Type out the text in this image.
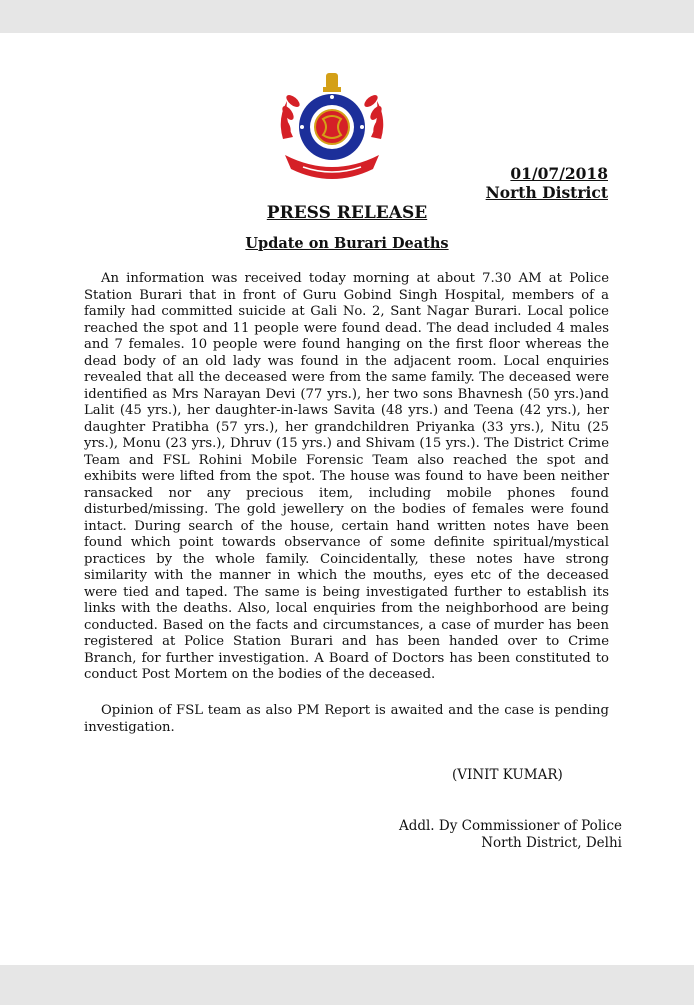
01/07/2018
North District
PRESS RELEASE
Update on Burari Deaths

An information was received today morning at about 7.30 AM at Police Station Burari that in front of Guru Gobind Singh Hospital, members of a family had committed suicide at Gali No. 2, Sant Nagar Burari. Local police reached the spot and 11 people were found dead. The dead included 4 males and 7 females. 10 people were found hanging on the first floor whereas the dead body of an old lady was found in the adjacent room. Local enquiries revealed that all the deceased were from the same family. The deceased were identified as Mrs Narayan Devi (77 yrs.), her two sons Bhavnesh (50 yrs.)and Lalit (45 yrs.), her daughter-in-laws Savita (48 yrs.) and Teena (42 yrs.), her daughter Pratibha (57 yrs.), her grandchildren Priyanka (33 yrs.), Nitu (25 yrs.), Monu (23 yrs.), Dhruv (15 yrs.) and Shivam (15 yrs.). The District Crime Team and FSL Rohini Mobile Forensic Team also reached the spot and exhibits were lifted from the spot. The house was found to have been neither ransacked nor any precious item, including mobile phones found disturbed/missing. The gold jewellery on the bodies of females were found intact. During search of the house, certain hand written notes have been found which point towards observance of some definite spiritual/mystical practices by the whole family. Coincidentally, these notes have strong similarity with the manner in which the mouths, eyes etc of the deceased were tied and taped. The same is being investigated further to establish its links with the deaths. Also, local enquiries from the neighborhood are being conducted. Based on the facts and circumstances, a case of murder has been registered at Police Station Burari and has been handed over to Crime Branch, for further investigation. A Board of Doctors has been constituted to conduct Post Mortem on the bodies of the deceased.

Opinion of FSL team as also PM Report is awaited and the case is pending investigation.

(VINIT KUMAR)
Addl. Dy Commissioner of Police
North District, Delhi
